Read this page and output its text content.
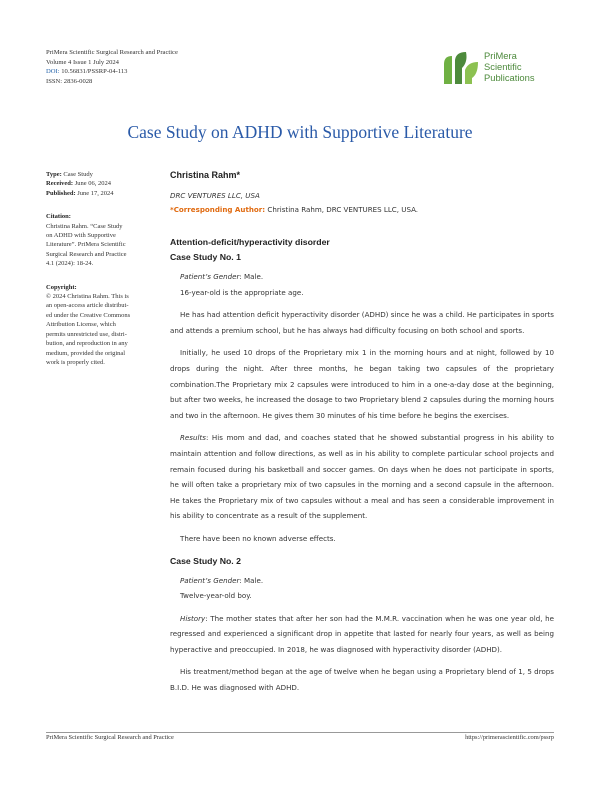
PriMera Scientific Surgical Research and Practice
Volume 4 Issue 1 July 2024
DOI: 10.56831/PSSRP-04-113
ISSN: 2836-0028
PriMera
Scientific
Publications
Case Study on ADHD with Supportive Literature
Type: Case Study
Received: June 06, 2024
Published: June 17, 2024
Citation:
Christina Rahm. “Case Study
on ADHD with Supportive
Literature”. PriMera Scientific
Surgical Research and Practice
4.1 (2024): 18-24.
Copyright:
© 2024 Christina Rahm. This is
an open-access article distribut-
ed under the Creative Commons
Attribution License, which
permits unrestricted use, distri-
bution, and reproduction in any
medium, provided the original
work is properly cited.

Christina Rahm*

DRC VENTURES LLC, USA

*Corresponding Author: Christina Rahm, DRC VENTURES LLC, USA.

Attention-deficit/hyperactivity disorder

Case Study No. 1

Patient’s Gender: Male.

16-year-old is the appropriate age.

He has had attention deficit hyperactivity disorder (ADHD) since he was a child. He participates in sports and attends a premium school, but he has always had difficulty focusing on both school and sports.

Initially, he used 10 drops of the Proprietary mix 1 in the morning hours and at night, followed by 10 drops during the night. After three months, he began taking two capsules of the proprietary combination.The Proprietary mix 2 capsules were introduced to him in a one-a-day dose at the beginning, but after two weeks, he increased the dosage to two Proprietary blend 2 capsules during the morning hours and two in the afternoon. He gives them 30 minutes of his time before he begins the exercises.

Results: His mom and dad, and coaches stated that he showed substantial progress in his ability to maintain attention and follow directions, as well as in his ability to complete particular school projects and remain focused during his basketball and soccer games. On days when he does not participate in sports, he will often take a proprietary mix of two capsules in the morning and a second capsule in the afternoon. He takes the Proprietary mix of two capsules without a meal and has seen a considerable improvement in his ability to concentrate as a result of the supplement.

There have been no known adverse effects.

Case Study No. 2

Patient’s Gender: Male.

Twelve-year-old boy.

History: The mother states that after her son had the M.M.R. vaccination when he was one year old, he regressed and experienced a significant drop in appetite that lasted for nearly four years, as well as being hyperactive and preoccupied. In 2018, he was diagnosed with hyperactivity disorder (ADHD).

His treatment/method began at the age of twelve when he began using a Proprietary blend of 1, 5 drops B.I.D. He was diagnosed with ADHD.

PriMera Scientific Surgical Research and Practice	https://primerascientific.com/pssrp
